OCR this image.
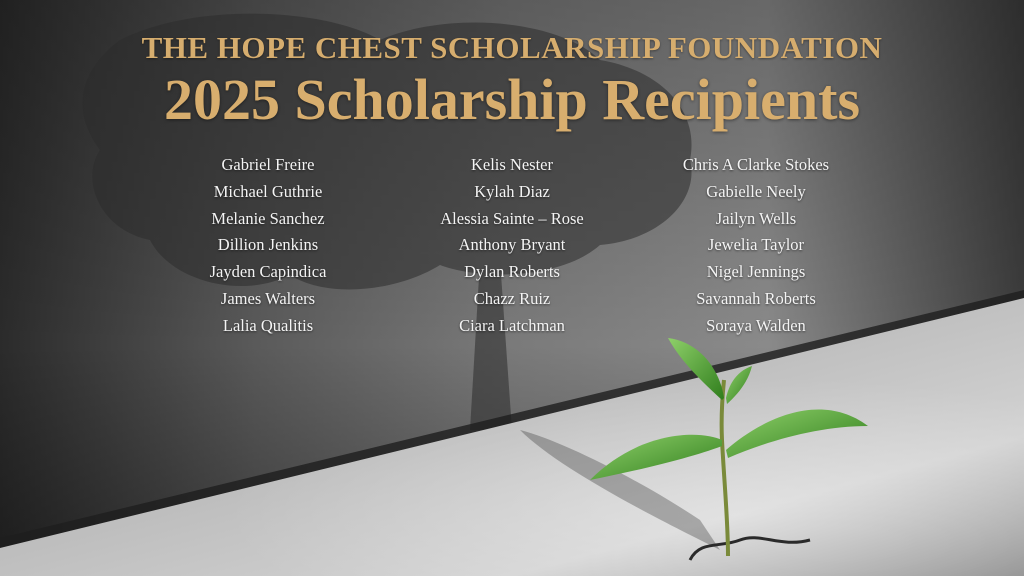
THE HOPE CHEST SCHOLARSHIP FOUNDATION
2025 Scholarship Recipients
Gabriel Freire
Michael Guthrie
Melanie Sanchez
Dillion Jenkins
Jayden Capindica
James Walters
Lalia Qualitis
Kelis Nester
Kylah Diaz
Alessia Sainte – Rose
Anthony Bryant
Dylan Roberts
Chazz Ruiz
Ciara Latchman
Chris A Clarke Stokes
Gabielle Neely
Jailyn Wells
Jewelia Taylor
Nigel Jennings
Savannah Roberts
Soraya Walden
